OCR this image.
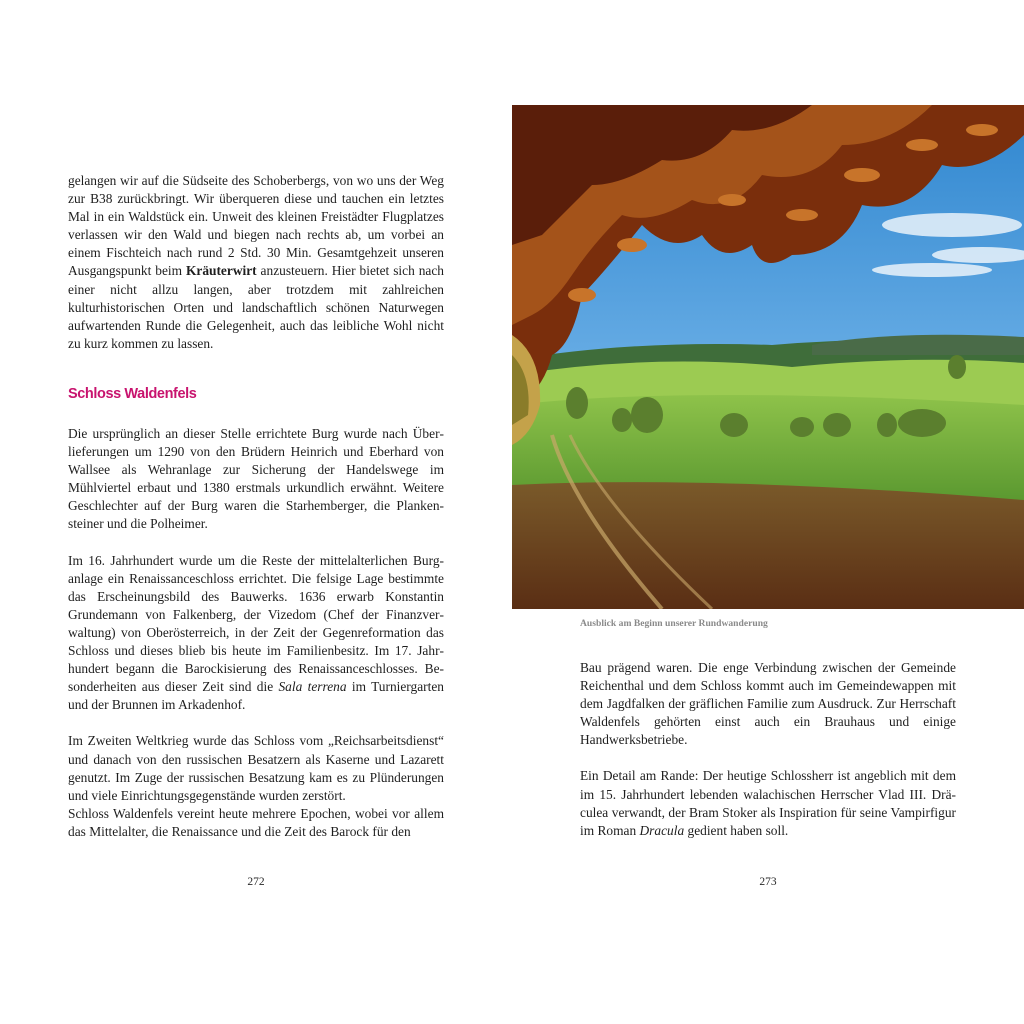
gelangen wir auf die Südseite des Schoberbergs, von wo uns der Weg zur B38 zurückbringt. Wir überqueren diese und tauchen ein letztes Mal in ein Waldstück ein. Unweit des kleinen Freistädter Flugplatzes verlassen wir den Wald und biegen nach rechts ab, um vorbei an einem Fischteich nach rund 2 Std. 30 Min. Gesamtgehzeit unseren Ausgangspunkt beim Kräuterwirt anzusteuern. Hier bietet sich nach einer nicht allzu langen, aber trotzdem mit zahlreichen kulturhistorischen Orten und landschaftlich schönen Naturwegen aufwartenden Runde die Gelegenheit, auch das leibliche Wohl nicht zu kurz kommen zu lassen.

Schloss Waldenfels

Die ursprünglich an dieser Stelle errichtete Burg wurde nach Überlieferungen um 1290 von den Brüdern Heinrich und Eberhard von Wallsee als Wehranlage zur Sicherung der Handelswege im Mühlviertel erbaut und 1380 erstmals urkundlich erwähnt. Weitere Geschlechter auf der Burg waren die Starhemberger, die Plankensteiner und die Polheimer.

Im 16. Jahrhundert wurde um die Reste der mittelalterlichen Burganlage ein Renaissanceschloss errichtet. Die felsige Lage bestimmte das Erscheinungsbild des Bauwerks. 1636 erwarb Konstantin Grundemann von Falkenberg, der Vizedom (Chef der Finanzverwaltung) von Oberösterreich, in der Zeit der Gegenreformation das Schloss und dieses blieb bis heute im Familienbesitz. Im 17. Jahrhundert begann die Barockisierung des Renaissanceschlosses. Besonderheiten aus dieser Zeit sind die Sala terrena im Turniergarten und der Brunnen im Arkadenhof.

Im Zweiten Weltkrieg wurde das Schloss vom „Reichsarbeitsdienst“ und danach von den russischen Besatzern als Kaserne und Lazarett genutzt. Im Zuge der russischen Besatzung kam es zu Plünderungen und viele Einrichtungsgegenstände wurden zerstört.
Schloss Waldenfels vereint heute mehrere Epochen, wobei vor allem das Mittelalter, die Renaissance und die Zeit des Barock für den

272

Ausblick am Beginn unserer Rundwanderung

Bau prägend waren. Die enge Verbindung zwischen der Gemeinde Reichenthal und dem Schloss kommt auch im Gemeindewappen mit dem Jagdfalken der gräflichen Familie zum Ausdruck. Zur Herrschaft Waldenfels gehörten einst auch ein Brauhaus und einige Handwerksbetriebe.

Ein Detail am Rande: Der heutige Schlossherr ist angeblich mit dem im 15. Jahrhundert lebenden walachischen Herrscher Vlad III. Dräculea verwandt, der Bram Stoker als Inspiration für seine Vampirfigur im Roman Dracula gedient haben soll.

273
